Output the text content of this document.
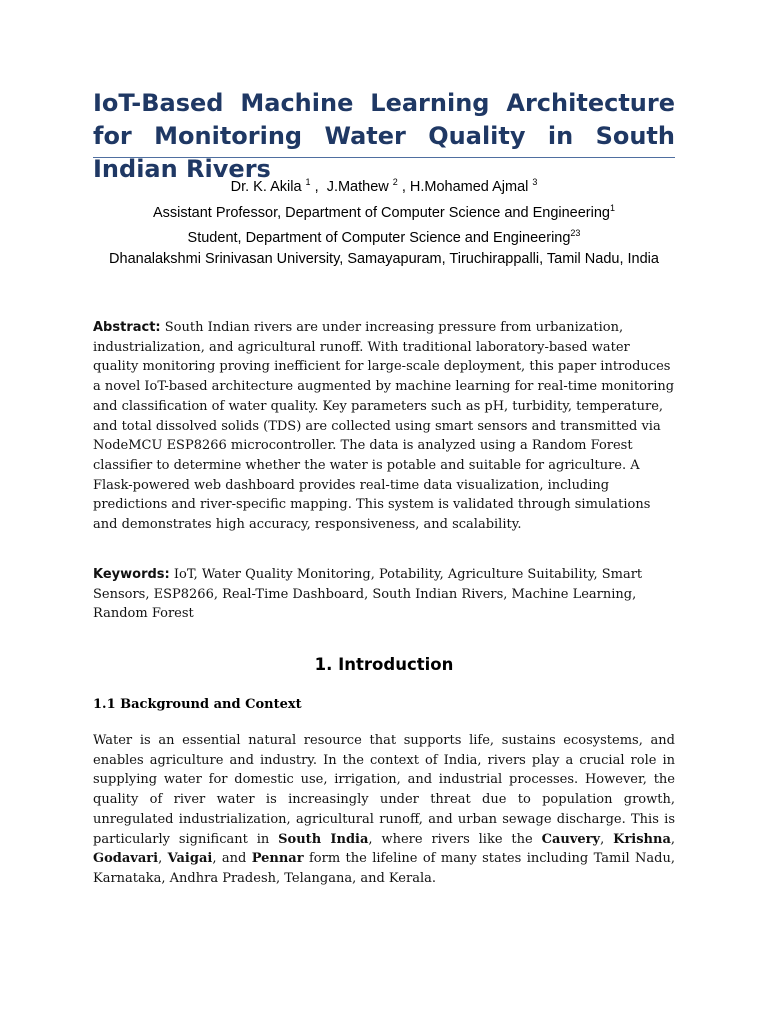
IoT-Based Machine Learning Architecture for Monitoring Water Quality in South Indian Rivers
Dr. K. Akila $^1$ ,  J.Mathew $^2$ , H.Mohamed Ajmal $^3$
Assistant Professor, Department of Computer Science and Engineering$^1$
Student, Department of Computer Science and Engineering$^{23}$
Dhanalakshmi Srinivasan University, Samayapuram, Tiruchirappalli, Tamil Nadu, India

Abstract: South Indian rivers are under increasing pressure from urbanization, industrialization, and agricultural runoff. With traditional laboratory-based water quality monitoring proving inefficient for large-scale deployment, this paper introduces a novel IoT-based architecture augmented by machine learning for real-time monitoring and classification of water quality. Key parameters such as pH, turbidity, temperature, and total dissolved solids (TDS) are collected using smart sensors and transmitted via NodeMCU ESP8266 microcontroller. The data is analyzed using a Random Forest classifier to determine whether the water is potable and suitable for agriculture. A Flask-powered web dashboard provides real-time data visualization, including predictions and river-specific mapping. This system is validated through simulations and demonstrates high accuracy, responsiveness, and scalability.

Keywords: IoT, Water Quality Monitoring, Potability, Agriculture Suitability, Smart Sensors, ESP8266, Real-Time Dashboard, South Indian Rivers, Machine Learning, Random Forest

1. Introduction
1.1 Background and Context

Water is an essential natural resource that supports life, sustains ecosystems, and enables agriculture and industry. In the context of India, rivers play a crucial role in supplying water for domestic use, irrigation, and industrial processes. However, the quality of river water is increasingly under threat due to population growth, unregulated industrialization, agricultural runoff, and urban sewage discharge. This is particularly significant in South India, where rivers like the Cauvery, Krishna, Godavari, Vaigai, and Pennar form the lifeline of many states including Tamil Nadu, Karnataka, Andhra Pradesh, Telangana, and Kerala.
